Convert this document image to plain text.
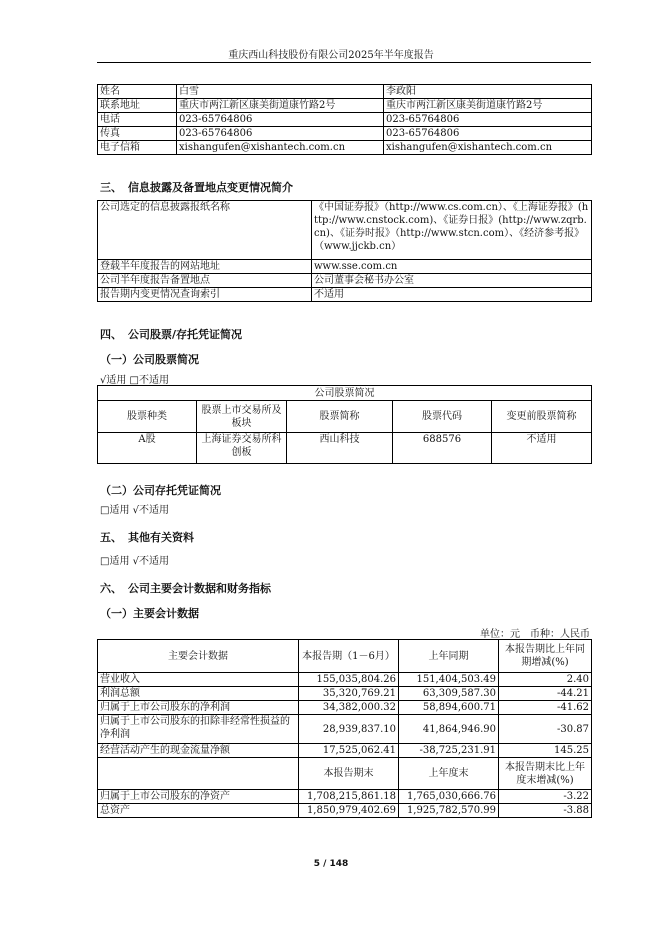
重庆西山科技股份有限公司2025年半年度报告
姓名	白雪	李政阳
联系地址	重庆市两江新区康美街道康竹路2号	重庆市两江新区康美街道康竹路2号
电话	023-65764806	023-65764806
传真	023-65764806	023-65764806
电子信箱	xishangufen@xishantech.com.cn	xishangufen@xishantech.com.cn
三、 信息披露及备置地点变更情况简介
公司选定的信息披露报纸名称	《中国证券报》（http://www.cs.com.cn）、《上海证券报》(http://www.cnstock.com)、《证券日报》(http://www.zqrb.cn)、《证券时报》（http://www.stcn.com）、《经济参考报》（www.jjckb.cn）
登载半年度报告的网站地址	www.sse.com.cn
公司半年度报告备置地点	公司董事会秘书办公室
报告期内变更情况查询索引	不适用
四、 公司股票/存托凭证简况
（一）公司股票简况
√适用 □不适用
公司股票简况				
股票种类	股票上市交易所及板块	股票简称	股票代码	变更前股票简称
A股	上海证券交易所科创板	西山科技	688576	不适用
（二）公司存托凭证简况
□适用 √不适用
五、 其他有关资料
□适用 √不适用
六、 公司主要会计数据和财务指标
（一）主要会计数据
单位：元　币种：人民币
主要会计数据	本报告期（1－6月）	上年同期	本报告期比上年同期增减(%)
营业收入	155,035,804.26	151,404,503.49	2.40
利润总额	35,320,769.21	63,309,587.30	-44.21
归属于上市公司股东的净利润	34,382,000.32	58,894,600.71	-41.62
归属于上市公司股东的扣除非经常性损益的净利润	28,939,837.10	41,864,946.90	-30.87
经营活动产生的现金流量净额	17,525,062.41	-38,725,231.91	145.25
	本报告期末	上年度末	本报告期末比上年度末增减(%)
归属于上市公司股东的净资产	1,708,215,861.18	1,765,030,666.76	-3.22
总资产	1,850,979,402.69	1,925,782,570.99	-3.88
5 / 148
